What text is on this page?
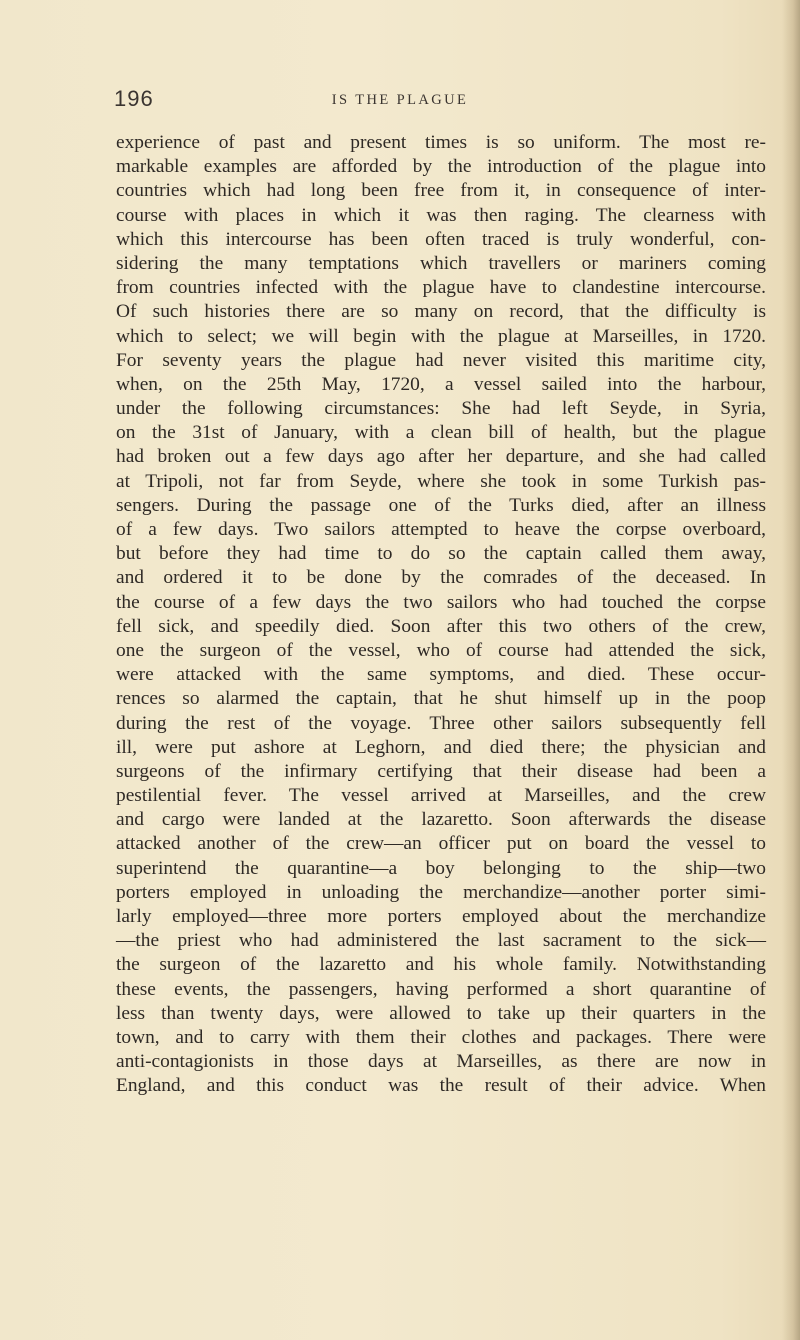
196	IS THE PLAGUE
experience of past and present times is so uniform. The most re-
markable examples are afforded by the introduction of the plague into
countries which had long been free from it, in consequence of inter-
course with places in which it was then raging. The clearness with
which this intercourse has been often traced is truly wonderful, con-
sidering the many temptations which travellers or mariners coming
from countries infected with the plague have to clandestine intercourse.
Of such histories there are so many on record, that the difficulty is
which to select; we will begin with the plague at Marseilles, in 1720.
For seventy years the plague had never visited this maritime city,
when, on the 25th May, 1720, a vessel sailed into the harbour,
under the following circumstances: She had left Seyde, in Syria,
on the 31st of January, with a clean bill of health, but the plague
had broken out a few days ago after her departure, and she had called
at Tripoli, not far from Seyde, where she took in some Turkish pas-
sengers. During the passage one of the Turks died, after an illness
of a few days. Two sailors attempted to heave the corpse overboard,
but before they had time to do so the captain called them away,
and ordered it to be done by the comrades of the deceased. In
the course of a few days the two sailors who had touched the corpse
fell sick, and speedily died. Soon after this two others of the crew,
one the surgeon of the vessel, who of course had attended the sick,
were attacked with the same symptoms, and died. These occur-
rences so alarmed the captain, that he shut himself up in the poop
during the rest of the voyage. Three other sailors subsequently fell
ill, were put ashore at Leghorn, and died there; the physician and
surgeons of the infirmary certifying that their disease had been a
pestilential fever. The vessel arrived at Marseilles, and the crew
and cargo were landed at the lazaretto. Soon afterwards the disease
attacked another of the crew—an officer put on board the vessel to
superintend the quarantine—a boy belonging to the ship—two
porters employed in unloading the merchandize—another porter simi-
larly employed—three more porters employed about the merchandize
—the priest who had administered the last sacrament to the sick—
the surgeon of the lazaretto and his whole family. Notwithstanding
these events, the passengers, having performed a short quarantine of
less than twenty days, were allowed to take up their quarters in the
town, and to carry with them their clothes and packages. There were
anti-contagionists in those days at Marseilles, as there are now in
England, and this conduct was the result of their advice. When
